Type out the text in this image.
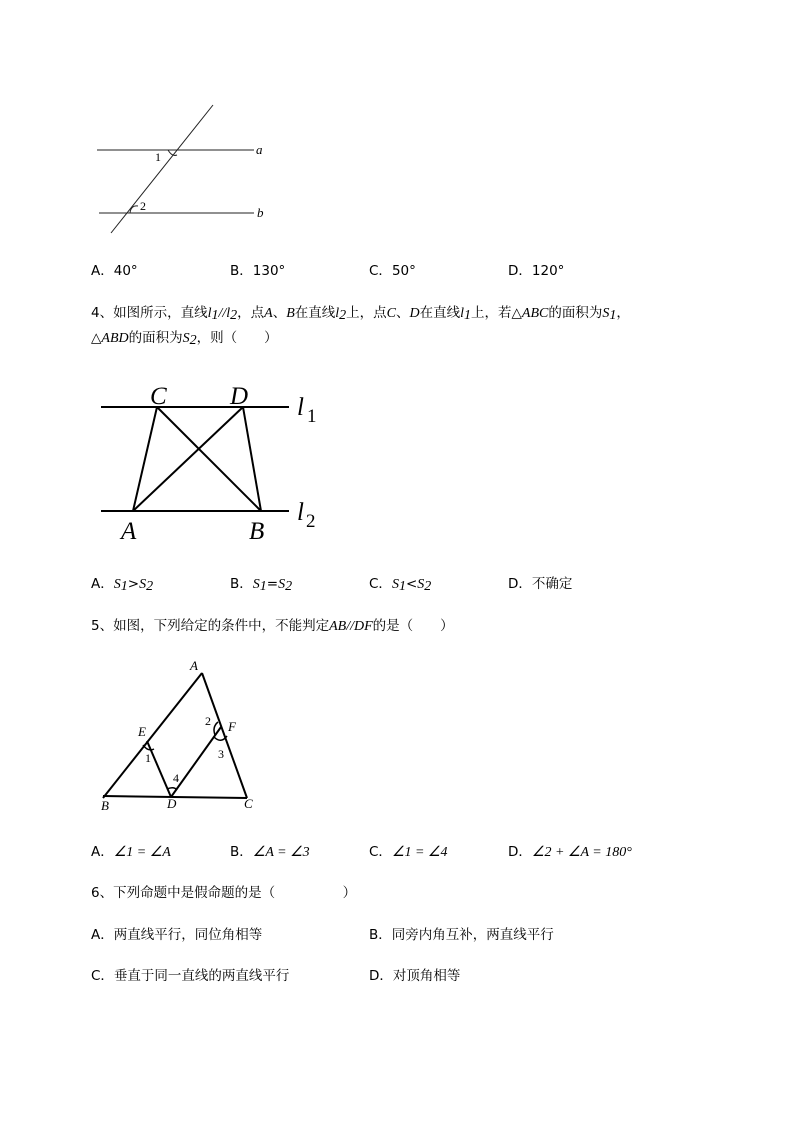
a
b
1
2
A．40°	B．130°	C．50°	D．120°
4、如图所示，直线$l_1//l_2$，点A、B在直线$l_2$上，点C、D在直线$l_1$上，若△ABC的面积为$S_1$，
△ABD的面积为$S_2$，则（　　）
C	D
A	B
l 1
l 2
A．$S_1>S_2$	B．$S_1=S_2$	C．$S_1<S_2$	D．不确定
5、如图，下列给定的条件中，不能判定AB//DF的是（　　）
A
B	C
D
E	F
1
2
3
4
A．∠1 = ∠A	B．∠A = ∠3	C．∠1 = ∠4	D．∠2 + ∠A = 180°
6、下列命题中是假命题的是（　　　　　）
A．两直线平行，同位角相等	B．同旁内角互补，两直线平行
C．垂直于同一直线的两直线平行	D．对顶角相等
